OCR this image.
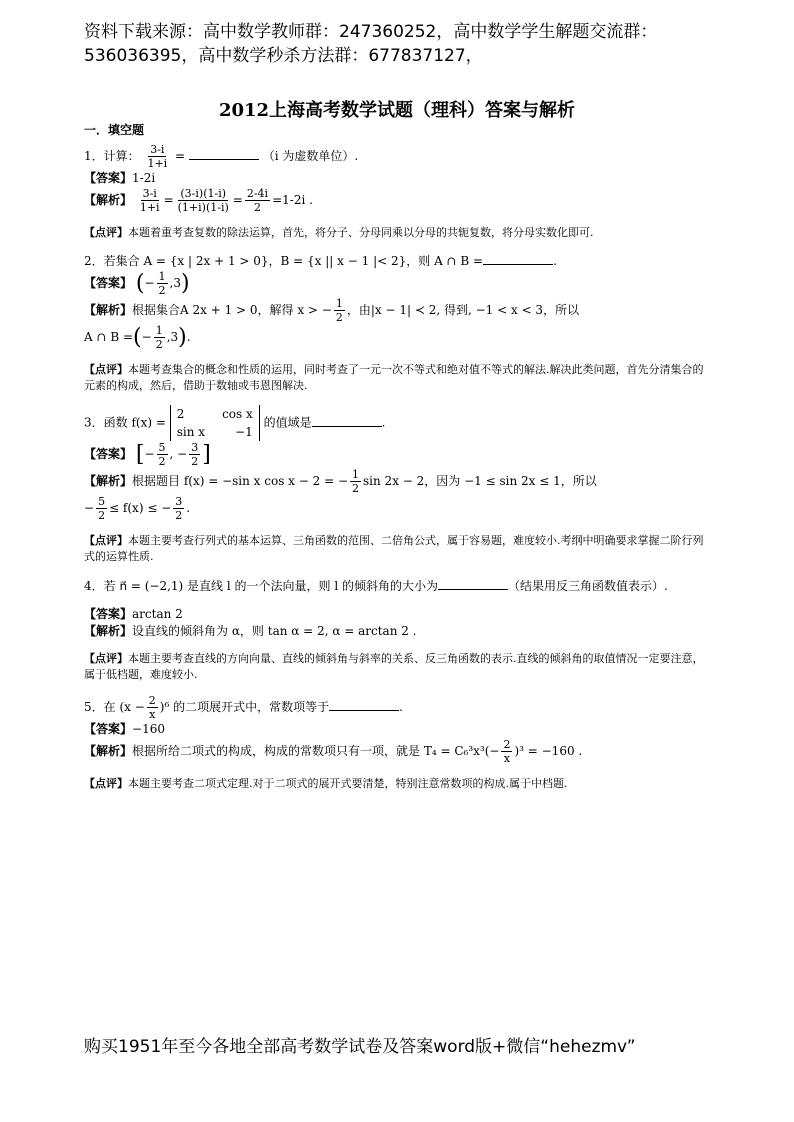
资料下载来源：高中数学教师群：247360252，高中数学学生解题交流群：536036395，高中数学秒杀方法群：677837127，
2012上海高考数学试题（理科）答案与解析
一．填空题

1．计算： $\frac{3-i}{1+i}$ =	（i 为虚数单位）.

【答案】1-2i

【解析】 $\frac{3-i}{1+i} = \frac{(3-i)(1-i)}{(1+i)(1-i)} = \frac{2-4i}{2} =1-2i$ .

【点评】本题着重考查复数的除法运算，首先，将分子、分母同乘以分母的共轭复数，将分母实数化即可.

2．若集合 A = {x | 2x + 1 > 0}，B = {x || x − 1 |< 2}，则 A ∩ B =	.

【答案】 (− $\frac{1}{2} ,3$)

【解析】根据集合A 2x + 1 > 0，解得 x > − $\frac{1}{2}$ ，由|x − 1| ≺ 2, 得到, −1 < x < 3，所以

A ∩ B =(− $\frac{1}{2} ,3$).

【点评】本题考查集合的概念和性质的运用，同时考查了一元一次不等式和绝对值不等式的解法.解决此类问题，首先分清集合的元素的构成，然后，借助于数轴或韦恩图解决.

3．函数 f(x) =
2	cos x
sin x	−1
的值域是	.

【答案】 [− $\frac{5}{2}$ , − $\frac{3}{2}$ ]

【解析】根据题目 f(x) = −sin x cos x − 2 = − $\frac{1}{2}$ sin 2x − 2，因为 −1 ≤ sin 2x ≤ 1，所以

− $\frac{5}{2} \le f(x)$ ≤ − $\frac{3}{2}$ .

【点评】本题主要考查行列式的基本运算、三角函数的范围、二倍角公式，属于容易题，难度较小.考纲中明确要求掌握二阶行列式的运算性质.

4．若 n⃗ = (−2,1) 是直线 l 的一个法向量，则 l 的倾斜角的大小为	（结果用反三角函数值表示）.

【答案】arctan 2

【解析】设直线的倾斜角为 α，则 tan α = 2, α = arctan 2 .

【点评】本题主要考查直线的方向向量、直线的倾斜角与斜率的关系、反三角函数的表示.直线的倾斜角的取值情况一定要注意，属于低档题，难度较小.

5．在 $(x - \frac{2}{x} )^6$ 的二项展开式中，常数项等于	.

【答案】−160

【解析】根据所给二项式的构成，构成的常数项只有一项，就是 $T_4 = C_6^3x^3(- \frac{2}{x} )^3 = -160$ .

【点评】本题主要考查二项式定理.对于二项式的展开式要清楚，特别注意常数项的构成.属于中档题.

购买1951年至今各地全部高考数学试卷及答案word版+微信“hehezmv”
